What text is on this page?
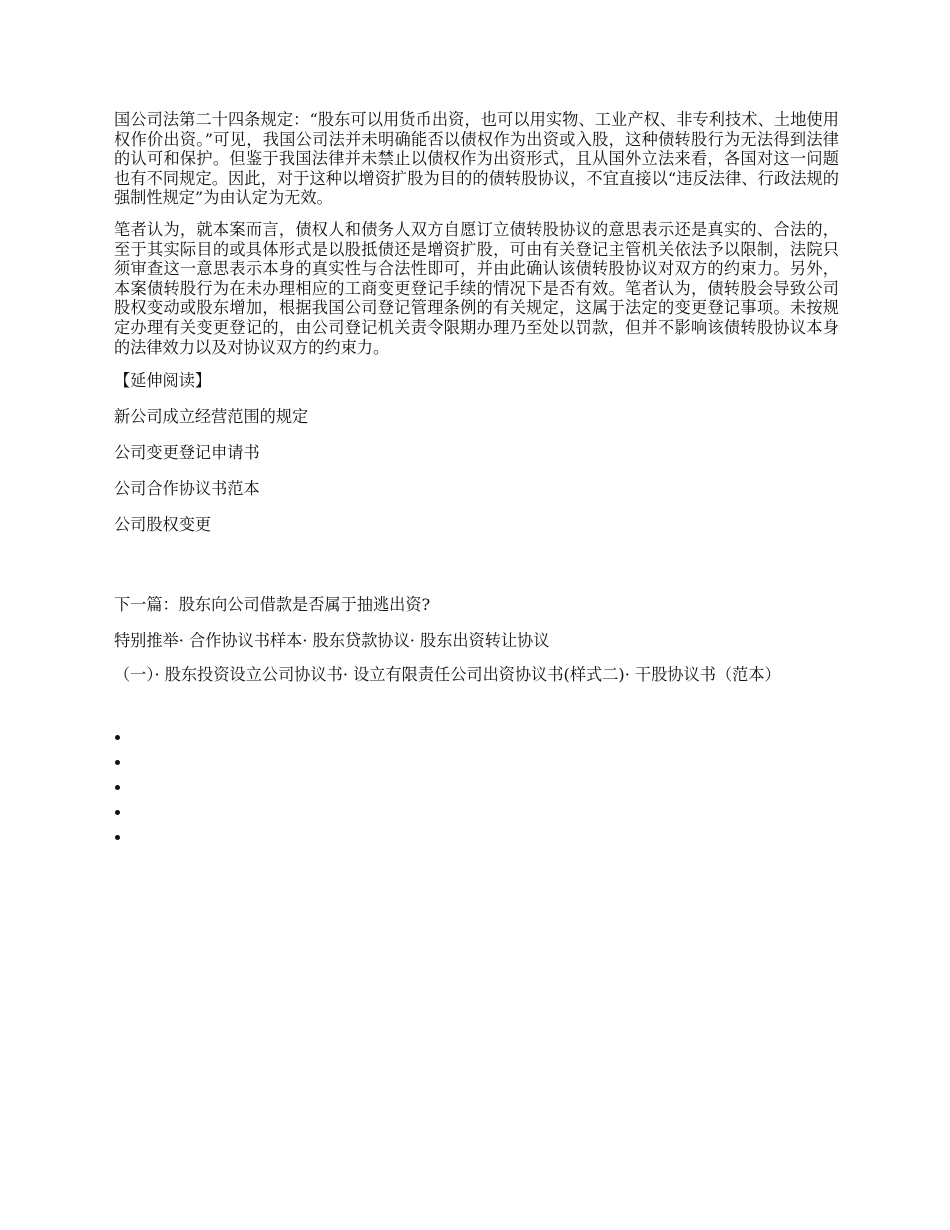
国公司法第二十四条规定：“股东可以用货币出资，也可以用实物、工业产权、非专利技术、土地使用权作价出资。”可见，我国公司法并未明确能否以债权作为出资或入股，这种债转股行为无法得到法律的认可和保护。但鉴于我国法律并未禁止以债权作为出资形式，且从国外立法来看，各国对这一问题也有不同规定。因此，对于这种以增资扩股为目的的债转股协议，不宜直接以“违反法律、行政法规的强制性规定”为由认定为无效。

笔者认为，就本案而言，债权人和债务人双方自愿订立债转股协议的意思表示还是真实的、合法的，至于其实际目的或具体形式是以股抵债还是增资扩股，可由有关登记主管机关依法予以限制，法院只须审查这一意思表示本身的真实性与合法性即可，并由此确认该债转股协议对双方的约束力。另外，本案债转股行为在未办理相应的工商变更登记手续的情况下是否有效。笔者认为，债转股会导致公司股权变动或股东增加，根据我国公司登记管理条例的有关规定，这属于法定的变更登记事项。未按规定办理有关变更登记的，由公司登记机关责令限期办理乃至处以罚款，但并不影响该债转股协议本身的法律效力以及对协议双方的约束力。

【延伸阅读】

新公司成立经营范围的规定

公司变更登记申请书

公司合作协议书范本

公司股权变更

下一篇：股东向公司借款是否属于抽逃出资?

特别推举· 合作协议书样本· 股东贷款协议· 股东出资转让协议

（一）· 股东投资设立公司协议书· 设立有限责任公司出资协议书(样式二)· 干股协议书（范本）

•
•
•
•
•
